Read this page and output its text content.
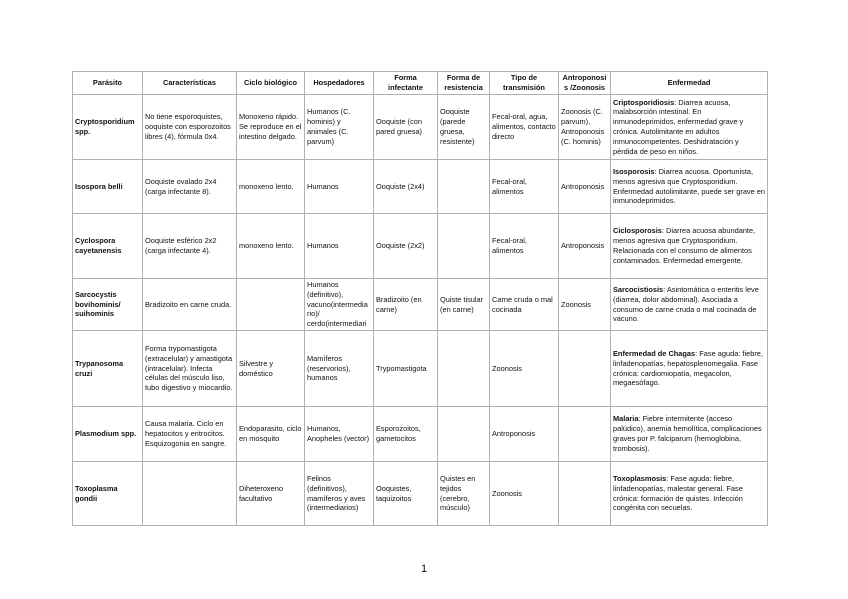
Parásito	Características	Ciclo biológico	Hospedadores	Forma infectante	Forma de resistencia	Tipo de transmisión	Antroponosis /Zoonosis	Enfermedad
Cryptosporidium spp.	No tiene esporoquistes, ooquiste con esporozoitos libres (4), fórmula 0x4.	Monoxeno rápido. Se reproduce en el intestino delgado.	Humanos (C. hominis) y animales (C. parvum)	Ooquiste (con pared gruesa)	Ooquiste (parede gruesa, resistente)	Fecal-oral, agua, alimentos, contacto directo	Zoonosis (C. parvum), Antroponosis (C. hominis)	Criptosporidiosis: Diarrea acuosa, malabsorción intestinal. En inmunodeprimidos, enfermedad grave y crónica. Autolimitante en adultos inmunocompetentes. Deshidratación y pérdida de peso en niños.
Isospora belli	Ooquiste ovalado 2x4 (carga infectante 8).	monoxeno lento.	Humanos	Ooquiste (2x4)		Fecal-oral, alimentos	Antroponosis	Isosporosis: Diarrea acuosa. Oportunista, menos agresiva que Cryptosporidium. Enfermedad autolimitante, puede ser grave en inmunodeprimidos.
Cyclospora cayetanensis	Ooquiste esférico 2x2 (carga infectante 4).	monoxeno lento.	Humanos	Ooquiste (2x2)		Fecal-oral, alimentos	Antroponosis	Ciclosporosis: Diarrea acuosa abundante, menos agresiva que Cryptosporidium. Relacionada con el consumo de alimentos contaminados. Enfermedad emergente.
Sarcocystis bovihominis/ suihominis	Bradizoito en carne cruda.		Humanos (definitivo), vacuno(intermedia rio)/ cerdo(intermediari	Bradizoito (en carne)	Quiste tisular (en carne)	Carne cruda o mal cocinada	Zoonosis	Sarcocistiosis: Asintomática o enteritis leve (diarrea, dolor abdominal). Asociada a consumo de carne cruda o mal cocinada de vacuno.
Trypanosoma cruzi	Forma trypomastigota (extracelular) y amastigota (intracelular). Infecta células del músculo liso, tubo digestivo y miocardio.	Silvestre y doméstico	Mamíferos (reservorios), humanos	Trypomastigota		Zoonosis		Enfermedad de Chagas: Fase aguda: fiebre, linfadenopatías, hepatosplenomegalia. Fase crónica: cardiomiopatía, megacolon, megaesófago.
Plasmodium spp.	Causa malaria. Ciclo en hepatocitos y eritrocitos. Esquizogonia en sangre.	Endoparasito, ciclo en mosquito	Humanos, Anopheles (vector)	Esporozoitos, gametocitos		Antroponosis		Malaria: Fiebre intermitente (acceso palúdico), anemia hemolítica, complicaciones graves por P. falciparum (hemoglobina, trombosis).
Toxoplasma gondii		Diheteroxeno facultativo	Felinos (definitivos), mamíferos y aves (intermediarios)	Ooquistes, taquizoitos	Quistes en tejidos (cerebro, músculo)	Zoonosis		Toxoplasmosis: Fase aguda: fiebre, linfadenopatías, malestar general. Fase crónica: formación de quistes. Infección congénita con secuelas.
1
